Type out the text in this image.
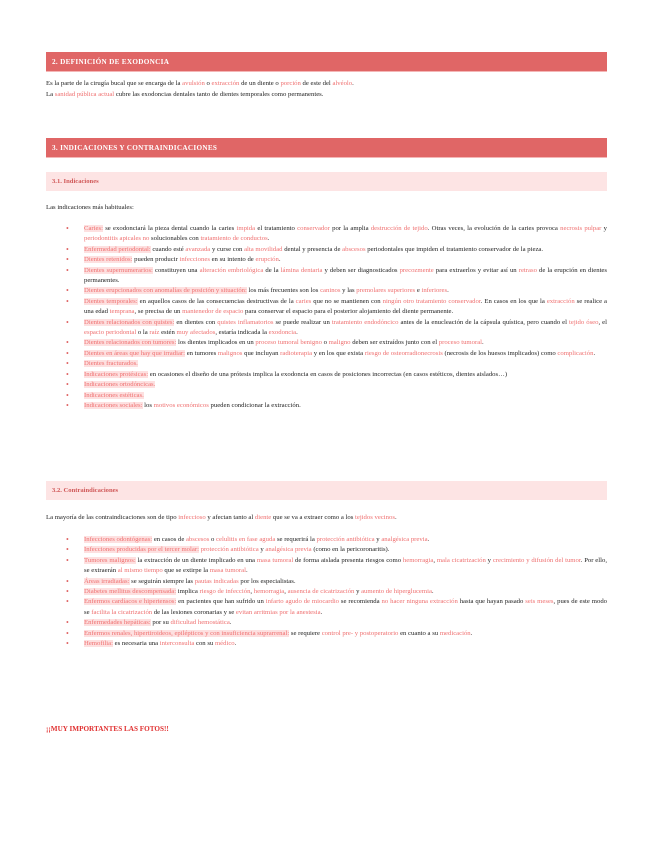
2. DEFINICIÓN DE EXODONCIA

Es la parte de la cirugía bucal que se encarga de la avulsión o extracción de un diente o porción de este del alvéolo.

La sanidad pública actual cubre las exodoncias dentales tanto de dientes temporales como permanentes.

3. INDICACIONES Y CONTRAINDICACIONES
3.1. Indicaciones

Las indicaciones más habituales:

• Caries: se exodonciará la pieza dental cuando la caries impida el tratamiento conservador por la amplia destrucción de tejido. Otras veces, la evolución de la caries provoca necrosis pulpar y periodontitis apicales no solucionables con tratamiento de conductos.
• Enfermedad periodontal: cuando esté avanzada y curse con alta movilidad dental y presencia de abscesos periodontales que impiden el tratamiento conservador de la pieza.
• Dientes retenidos: pueden producir infecciones en su intento de erupción.
• Dientes supernumerarios: constituyen una alteración embriológica de la lámina dentaria y deben ser diagnosticados precozmente para extraerlos y evitar así un retraso de la erupción en dientes permanentes.
• Dientes erupcionados con anomalías de posición y situación: los más frecuentes son los caninos y las premolares superiores e inferiores.
• Dientes temporales: en aquellos casos de las consecuencias destructivas de la caries que no se mantienen con ningún otro tratamiento conservador. En casos en los que la extracción se realice a una edad temprana, se precisa de un mantenedor de espacio para conservar el espacio para el posterior alojamiento del diente permanente.
• Dientes relacionados con quistes: en dientes con quistes inflamatorios se puede realizar un tratamiento endodóncico antes de la enucleación de la cápsula quística, pero cuando el tejido óseo, el espacio periodontal o la raíz estén muy afectados, estaría indicada la exodoncia.
• Dientes relacionados con tumores: los dientes implicados en un proceso tumoral benigno o maligno deben ser extraídos junto con el proceso tumoral.
• Dientes en áreas que hay que irradiar: en tumores malignos que incluyan radioterapia y en los que exista riesgo de osteorradionecrosis (necrosis de los huesos implicados) como complicación.
• Dientes fracturados.
• Indicaciones protésicas: en ocasiones el diseño de una prótesis implica la exodoncia en casos de posiciones incorrectas (en casos estéticos, dientes aislados…)
• Indicaciones ortodóncicas.
• Indicaciones estéticas.
• Indicaciones sociales: los motivos económicos pueden condicionar la extracción.
3.2. Contraindicaciones

La mayoría de las contraindicaciones son de tipo infeccioso y afectan tanto al diente que se va a extraer como a los tejidos vecinos.

• Infecciones odontógenas: en casos de abscesos o celulitis en fase aguda se requerirá la protección antibiótica y analgésica previa.
• Infecciones producidas por el tercer molar: protección antibiótica y analgésica previa (como en la pericoronaritis).
• Tumores malignos: la extracción de un diente implicado en una masa tumoral de forma aislada presenta riesgos como hemorragia, mala cicatrización y crecimiento y difusión del tumor. Por ello, se extraerán al mismo tiempo que se extirpe la masa tumoral.
• Áreas irradiadas: se seguirán siempre las pautas indicadas por los especialistas.
• Diabetes mellitus descompensada: implica riesgo de infección, hemorragia, ausencia de cicatrización y aumento de hiperglucemia.
• Enfermos cardíacos e hipertensos: en pacientes que han sufrido un infarto agudo de miocardio se recomienda no hacer ninguna extracción hasta que hayan pasado seis meses, pues de este modo se facilita la cicatrización de las lesiones coronarias y se evitan arritmias por la anestesia.
• Enfermedades hepáticas: por su dificultad hemostática.
• Enfermos renales, hipertiroideos, epilépticos y con insuficiencia suprarrenal: se requiere control pre- y postoperatorio en cuanto a su medicación.
• Hemofilia: es necesaria una interconsulta con su médico.
¡¡MUY IMPORTANTES LAS FOTOS!!
